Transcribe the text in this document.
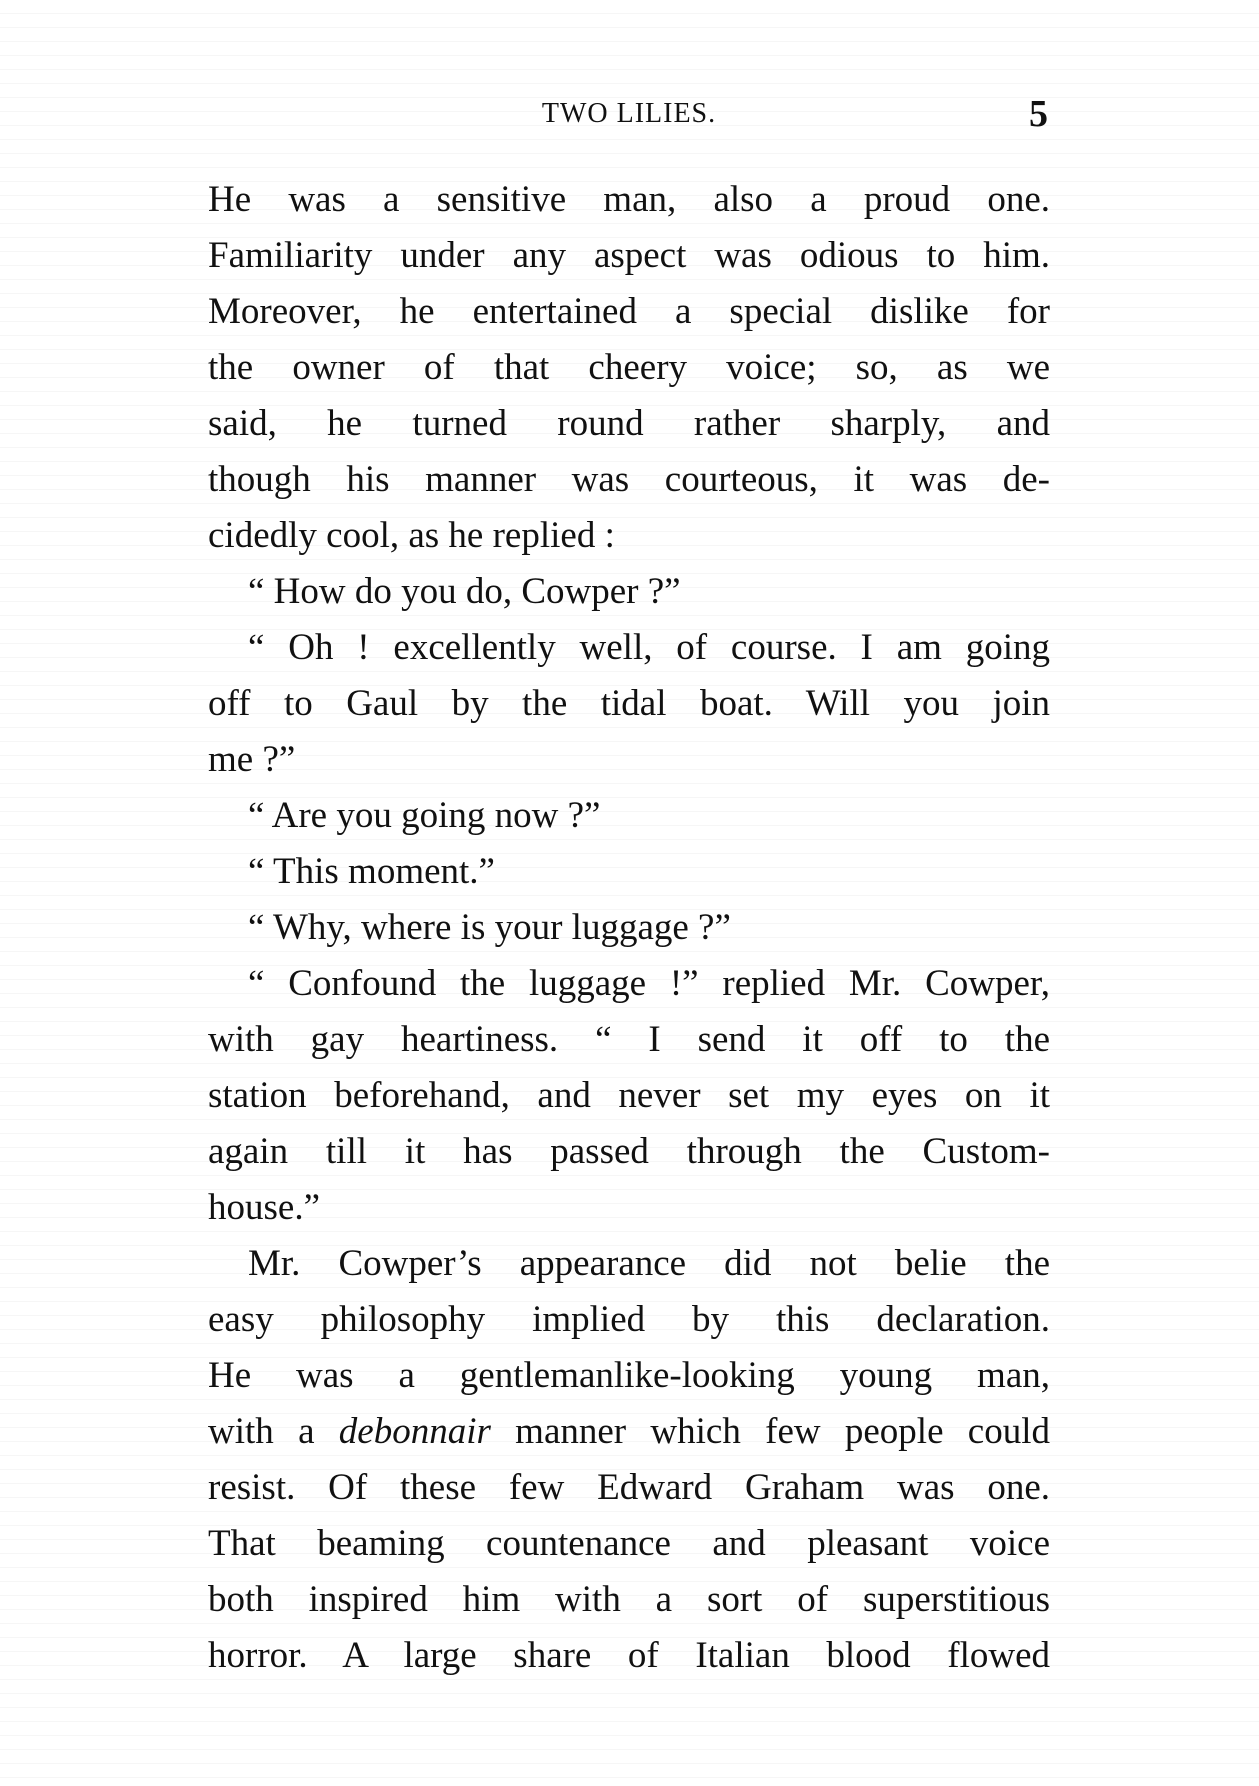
TWO LILIES.	5
He was a sensitive man, also a proud one.
Familiarity under any aspect was odious to him.
Moreover, he entertained a special dislike for
the owner of that cheery voice; so, as we
said, he turned round rather sharply, and
though his manner was courteous, it was de-
cidedly cool, as he replied :
“ How do you do, Cowper ?”
“ Oh ! excellently well, of course. I am going
off to Gaul by the tidal boat. Will you join
me ?”
“ Are you going now ?”
“ This moment.”
“ Why, where is your luggage ?”
“ Confound the luggage !” replied Mr. Cowper,
with gay heartiness. “ I send it off to the
station beforehand, and never set my eyes on it
again till it has passed through the Custom-
house.”
Mr. Cowper’s appearance did not belie the
easy philosophy implied by this declaration.
He was a gentlemanlike-looking young man,
with a debonnair manner which few people could
resist. Of these few Edward Graham was one.
That beaming countenance and pleasant voice
both inspired him with a sort of superstitious
horror. A large share of Italian blood flowed
